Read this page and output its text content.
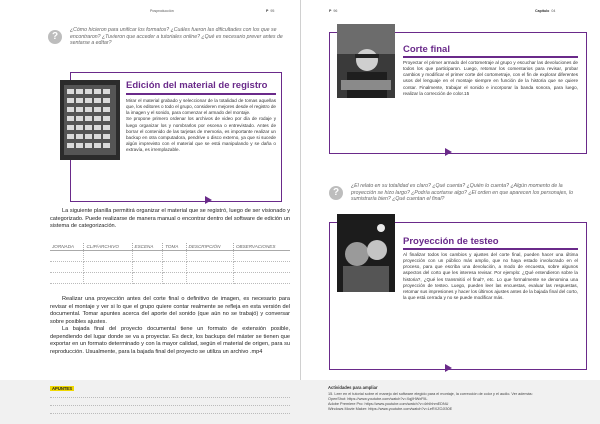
Posproducción	P 95
?
¿Cómo hicieron para unificar los formatos? ¿Cuáles fueron las dificultades con los que se encontraron? ¿Tuvieron que acceder a tutoriales online? ¿Qué es necesario prever antes de sentarse a editar?
Edición del material de registro
Mirar el material grabado y seleccionar de la totalidad de tomas aquellas que, los editores o todo el grupo, consideren mejores desde el registro de la imagen y el sonido, para comenzar el armado del montaje.
Se propone primero ordenar los archivos de video por día de rodaje y luego organizar los y nombrarlos por escena o entrevistado. Antes de borrar el contenido de las tarjetas de memoria, es importante realizar un backup en otra computadora, pendrive o disco externo, ya que si sucede algún imprevisto con el material que se está manipulando y se daña o extravía, es irremplazable.
La siguiente planilla permitirá organizar el material que se registró, luego de ser visionado y categorizado. Puede realizarse de manera manual o encontrar dentro del software de edición un sistema de categorización.
JORNADA	CLIP/ARCHIVO	ESCENA	TOMA	DESCRIPCIÓN	OBSERVACIONES

Realizar una proyección antes del corte final o definitivo de imagen, es necesario para revisar el montaje y ver si lo que el grupo quiere contar realmente se refleja en esta versión del documental. Tomar apuntes acerca del aporte del sonido (que aún no se trabajó) y conversar sobre posibles ajustes.
La bajada final del proyecto documental tiene un formato de extensión posible, dependiendo del lugar donde se va a proyectar. Es decir, los backups del máster se tienen que exportar en un formato determinado y con la mayor calidad, según el material de origen, para su reproducción. Usualmente, para la bajada final del proyecto se utiliza un archivo .mp4
APUNTES
P 96	Capítulo 04
Corte final
Proyectar el primer armado del cortometraje al grupo y escuchar las devoluciones de todos los que participaron. Luego, retomar los comentarios para revisar, probar cambios y modificar el primer corte del cortometraje, con el fin de explorar diferentes usos del lenguaje en el montaje siempre en función de la historia que se quiere contar. Finalmente, trabajar el sonido e incorporar la banda sonora, para luego, realizar la corrección de color.15
?
¿El relato en su totalidad es claro? ¿Qué cuenta? ¿Quién lo cuenta? ¿Algún momento de la proyección se hizo largo? ¿Podría acortarse algo? ¿El orden en que aparecen los personajes, lo sumistraría bien? ¿Qué cuentan el final?
Proyección de testeo
Al finalizar todos los cambios y ajustes del corte final, pueden hacer una última proyección con un público más amplio, que no haya estado involucrado en el proceso, para que escriba una devolución, a modo de encuesta, sobre algunos aspectos del corto que les interesa revisar. Por ejemplo: ¿Qué entendieron sobre la historia?, ¿Qué les transmitió el final?, etc. Lo que formalmente se denomina una proyección de testeo. Luego, pueden leer las encuestas, evaluar las respuestas, retomar sus impresiones y hacer los últimos ajustes antes de la bajada final del corto, la que está cerrada y no se puede modificar más.
Actividades para ampliar
15. Leer en el tutorial sobre el manejo del software elegido para el montaje, la corrección de color y el audio. Ver además:
OpenShot: https://www.youtube.com/watch?v=XqjlHWxFlIL
Adobe Premiere Pro: https://www.youtube.com/watch?v=4rhlhhmEDNU
Windows Movie Maker: https://www.youtube.com/watch?v=LeRXZOJI30E
